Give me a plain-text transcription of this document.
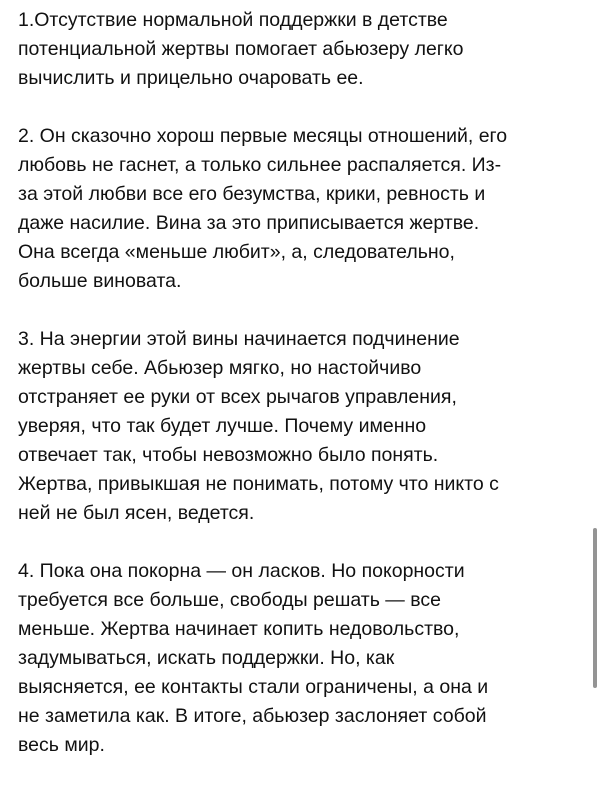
1.Отсутствие нормальной поддержки в детстве
потенциальной жертвы помогает абьюзеру легко
вычислить и прицельно очаровать ее.

2. Он сказочно хорош первые месяцы отношений, его
любовь не гаснет, а только сильнее распаляется. Из-
за этой любви все его безумства, крики, ревность и
даже насилие. Вина за это приписывается жертве.
Она всегда «меньше любит», а, следовательно,
больше виновата.

3. На энергии этой вины начинается подчинение
жертвы себе. Абьюзер мягко, но настойчиво
отстраняет ее руки от всех рычагов управления,
уверяя, что так будет лучше. Почему именно
отвечает так, чтобы невозможно было понять.
Жертва, привыкшая не понимать, потому что никто с
ней не был ясен, ведется.

4. Пока она покорна — он ласков. Но покорности
требуется все больше, свободы решать — все
меньше. Жертва начинает копить недовольство,
задумываться, искать поддержки. Но, как
выясняется, ее контакты стали ограничены, а она и
не заметила как. В итоге, абьюзер заслоняет собой
весь мир.
